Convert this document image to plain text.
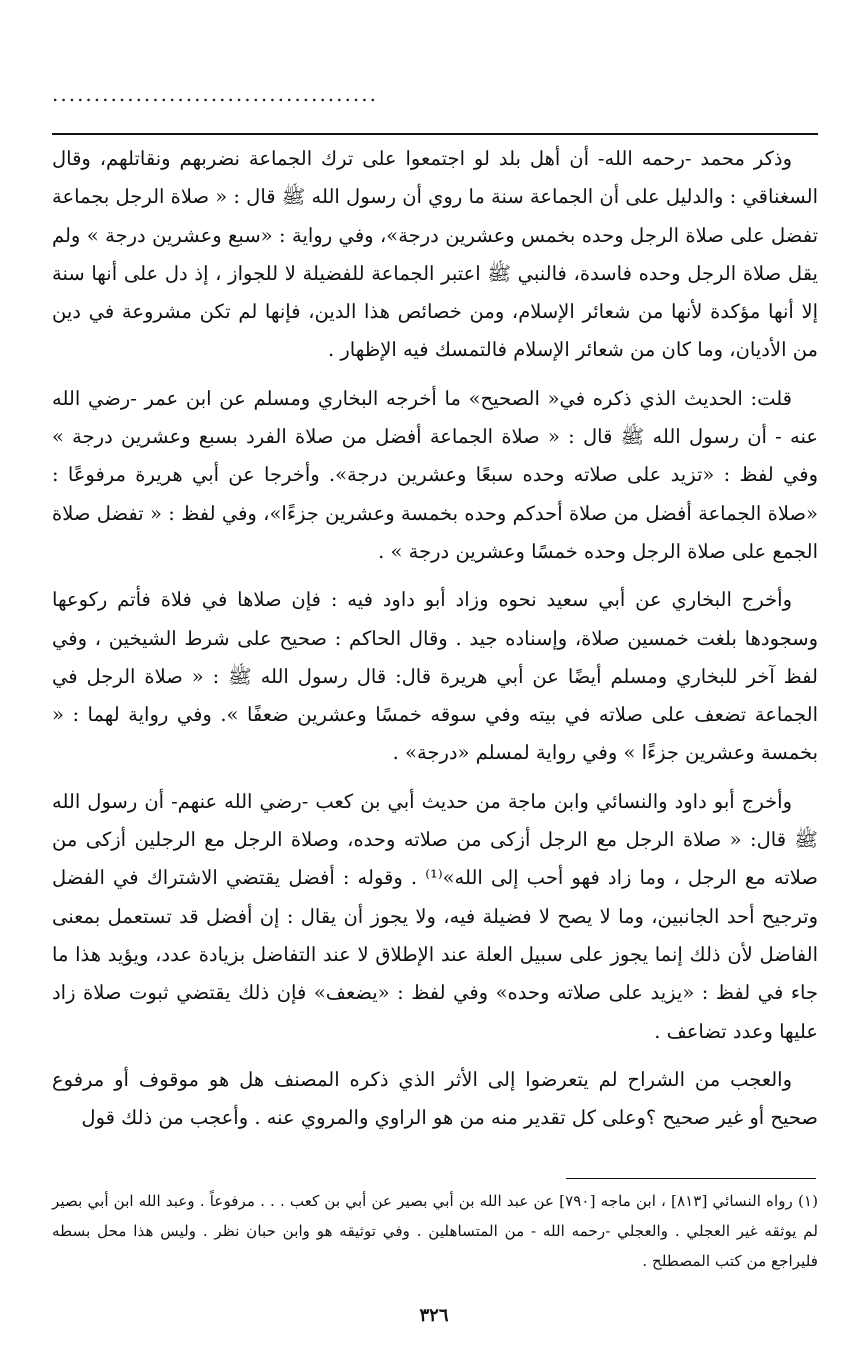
.......................................

وذكر محمد -رحمه الله- أن أهل بلد لو اجتمعوا على ترك الجماعة نضربهم ونقاتلهم، وقال السغناقي : والدليل على أن الجماعة سنة ما روي أن رسول الله ﷺ قال : « صلاة الرجل بجماعة تفضل على صلاة الرجل وحده بخمس وعشرين درجة»، وفي رواية : «سبع وعشرين درجة » ولم يقل صلاة الرجل وحده فاسدة، فالنبي ﷺ اعتبر الجماعة للفضيلة لا للجواز ، إذ دل على أنها سنة إلا أنها مؤكدة لأنها من شعائر الإسلام، ومن خصائص هذا الدين، فإنها لم تكن مشروعة في دين من الأديان، وما كان من شعائر الإسلام فالتمسك فيه الإظهار .

قلت: الحديث الذي ذكره في« الصحيح» ما أخرجه البخاري ومسلم عن ابن عمر -رضي الله عنه - أن رسول الله ﷺ قال : « صلاة الجماعة أفضل من صلاة الفرد بسبع وعشرين درجة » وفي لفظ : «تزيد على صلاته وحده سبعًا وعشرين درجة». وأخرجا عن أبي هريرة مرفوعًا : «صلاة الجماعة أفضل من صلاة أحدكم وحده بخمسة وعشرين جزءًا»، وفي لفظ : « تفضل صلاة الجمع على صلاة الرجل وحده خمسًا وعشرين درجة » .

وأخرج البخاري عن أبي سعيد نحوه وزاد أبو داود فيه : فإن صلاها في فلاة فأتم ركوعها وسجودها بلغت خمسين صلاة، وإسناده جيد . وقال الحاكم : صحيح على شرط الشيخين ، وفي لفظ آخر للبخاري ومسلم أيضًا عن أبي هريرة قال: قال رسول الله ﷺ : « صلاة الرجل في الجماعة تضعف على صلاته في بيته وفي سوقه خمسًا وعشرين ضعفًا ». وفي رواية لهما : « بخمسة وعشرين جزءًا » وفي رواية لمسلم «درجة» .

وأخرج أبو داود والنسائي وابن ماجة من حديث أبي بن كعب -رضي الله عنهم- أن رسول الله ﷺ قال: « صلاة الرجل مع الرجل أزكى من صلاته وحده، وصلاة الرجل مع الرجلين أزكى من صلاته مع الرجل ، وما زاد فهو أحب إلى الله»⁽¹⁾ . وقوله : أفضل يقتضي الاشتراك في الفضل وترجيح أحد الجانبين، وما لا يصح لا فضيلة فيه، ولا يجوز أن يقال : إن أفضل قد تستعمل بمعنى الفاضل لأن ذلك إنما يجوز على سبيل العلة عند الإطلاق لا عند التفاضل بزيادة عدد، ويؤيد هذا ما جاء في لفظ : «يزيد على صلاته وحده» وفي لفظ : «يضعف» فإن ذلك يقتضي ثبوت صلاة زاد عليها وعدد تضاعف .

والعجب من الشراح لم يتعرضوا إلى الأثر الذي ذكره المصنف هل هو موقوف أو مرفوع صحيح أو غير صحيح ؟وعلى كل تقدير منه من هو الراوي والمروي عنه . وأعجب من ذلك قول

(١) رواه النسائي [٨١٣] ، ابن ماجه [٧٩٠] عن عبد الله بن أبي بصير عن أبي بن كعب . . . مرفوعاً . وعبد الله ابن أبي بصير لم يوثقه غير العجلي . والعجلي -رحمه الله - من المتساهلين . وفي توثيقه هو وابن حبان نظر . وليس هذا محل بسطه فليراجع من كتب المصطلح .

٣٢٦
